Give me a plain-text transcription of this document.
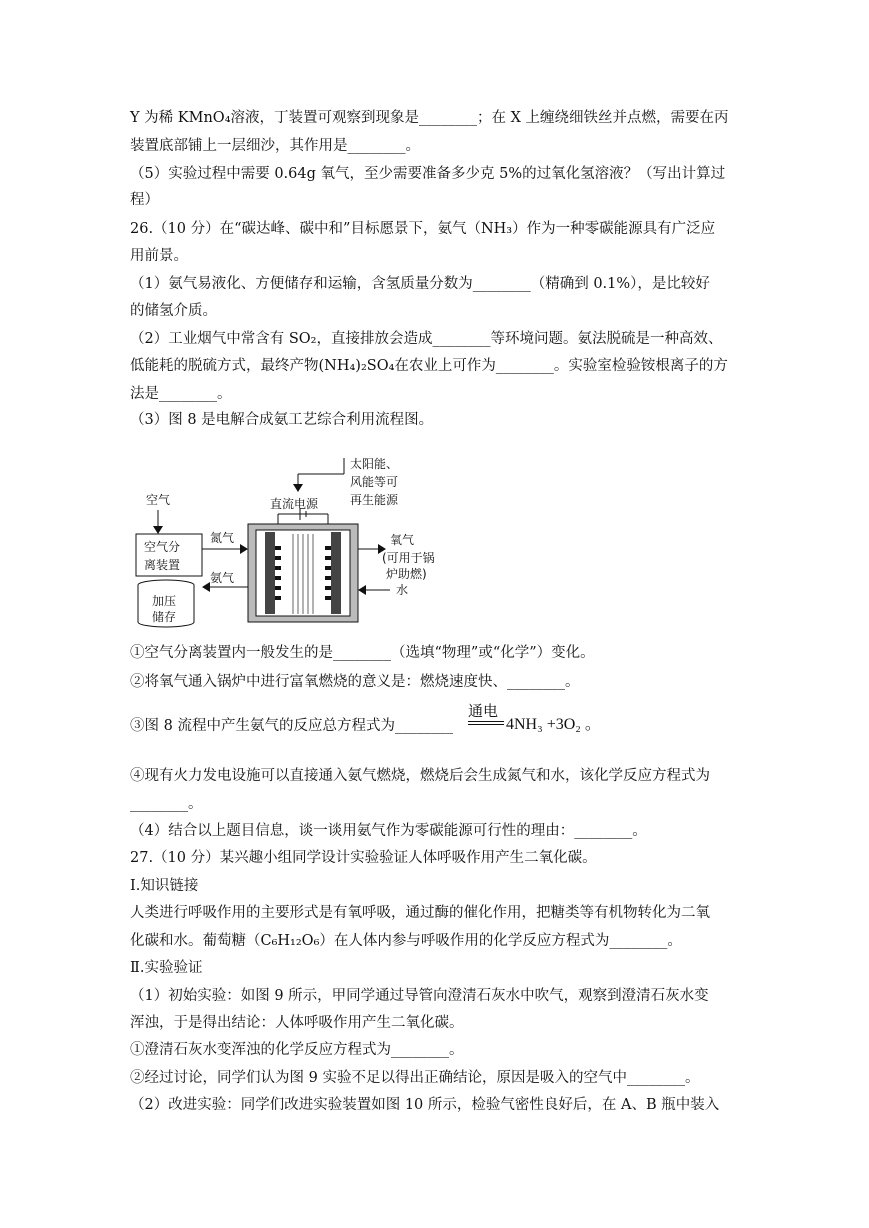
Y 为稀 KMnO₄溶液，丁装置可观察到现象是________；在 X 上缠绕细铁丝并点燃，需要在丙
装置底部铺上一层细沙，其作用是________。
（5）实验过程中需要 0.64g 氧气，至少需要准备多少克 5%的过氧化氢溶液？（写出计算过
程）
26.（10 分）在“碳达峰、碳中和”目标愿景下，氨气（NH₃）作为一种零碳能源具有广泛应
用前景。
（1）氨气易液化、方便储存和运输，含氢质量分数为________（精确到 0.1%），是比较好
的储氢介质。
（2）工业烟气中常含有 SO₂，直接排放会造成________等环境问题。氨法脱硫是一种高效、
低能耗的脱硫方式，最终产物(NH₄)₂SO₄在农业上可作为________。实验室检验铵根离子的方
法是________。
（3）图 8 是电解合成氨工艺综合利用流程图。
太阳能、
风能等可
再生能源
直流电源
空气
空气分
离装置
氮气
氨气
加压
储存
氧气
(可用于锅
炉助燃)
水
①空气分离装置内一般发生的是________（选填“物理”或“化学”）变化。
②将氧气通入锅炉中进行富氧燃烧的意义是：燃烧速度快、________。
③图 8 流程中产生氨气的反应总方程式为________
通电
4NH₃ +3O₂ 。
④现有火力发电设施可以直接通入氨气燃烧，燃烧后会生成氮气和水，该化学反应方程式为
________。
（4）结合以上题目信息，谈一谈用氨气作为零碳能源可行性的理由：________。
27.（10 分）某兴趣小组同学设计实验验证人体呼吸作用产生二氧化碳。
Ⅰ.知识链接
人类进行呼吸作用的主要形式是有氧呼吸，通过酶的催化作用，把糖类等有机物转化为二氧
化碳和水。葡萄糖（C₆H₁₂O₆）在人体内参与呼吸作用的化学反应方程式为________。
Ⅱ.实验验证
（1）初始实验：如图 9 所示，甲同学通过导管向澄清石灰水中吹气，观察到澄清石灰水变
浑浊，于是得出结论：人体呼吸作用产生二氧化碳。
①澄清石灰水变浑浊的化学反应方程式为________。
②经过讨论，同学们认为图 9 实验不足以得出正确结论，原因是吸入的空气中________。
（2）改进实验：同学们改进实验装置如图 10 所示，检验气密性良好后，在 A、B 瓶中装入
